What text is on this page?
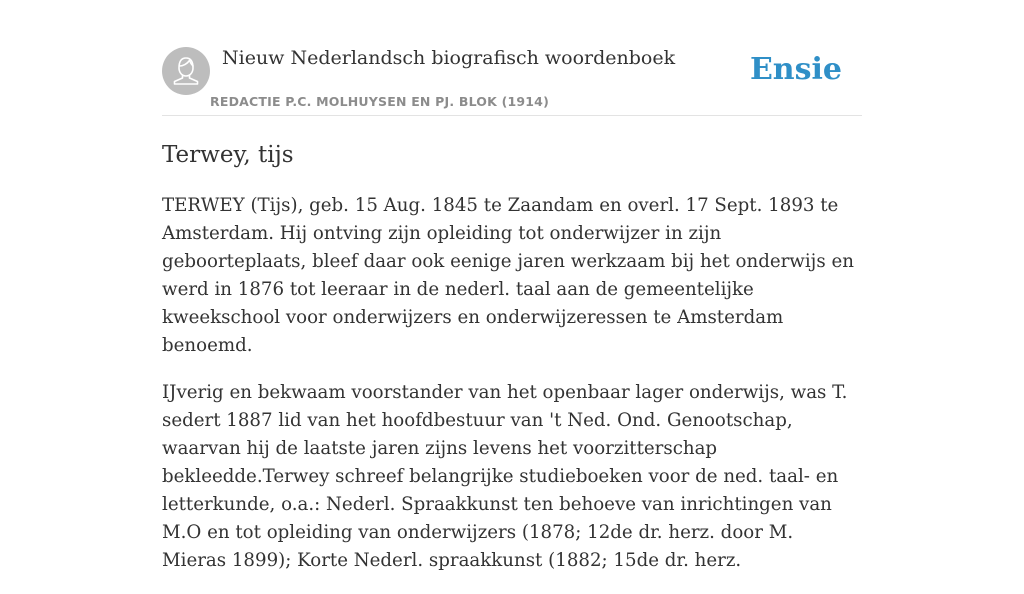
Nieuw Nederlandsch biografisch woordenboek
REDACTIE P.C. MOLHUYSEN EN PJ. BLOK (1914)
Ensie
Terwey, tijs

TERWEY (Tijs), geb. 15 Aug. 1845 te Zaandam en overl. 17 Sept. 1893 te Amsterdam. Hij ontving zijn opleiding tot onderwijzer in zijn geboorteplaats, bleef daar ook eenige jaren werkzaam bij het onderwijs en werd in 1876 tot leeraar in de nederl. taal aan de gemeentelijke kweekschool voor onderwijzers en onderwijzeressen te Amsterdam benoemd.

IJverig en bekwaam voorstander van het openbaar lager onderwijs, was T. sedert 1887 lid van het hoofdbestuur van 't Ned. Ond. Genootschap, waarvan hij de laatste jaren zijns levens het voorzitterschap bekleedde.Terwey schreef belangrijke studieboeken voor de ned. taal- en letterkunde, o.a.: Nederl. Spraakkunst ten behoeve van inrichtingen van M.O en tot opleiding van onderwijzers (1878; 12de dr. herz. door M. Mieras 1899); Korte Nederl. spraakkunst (1882; 15de dr. herz.
